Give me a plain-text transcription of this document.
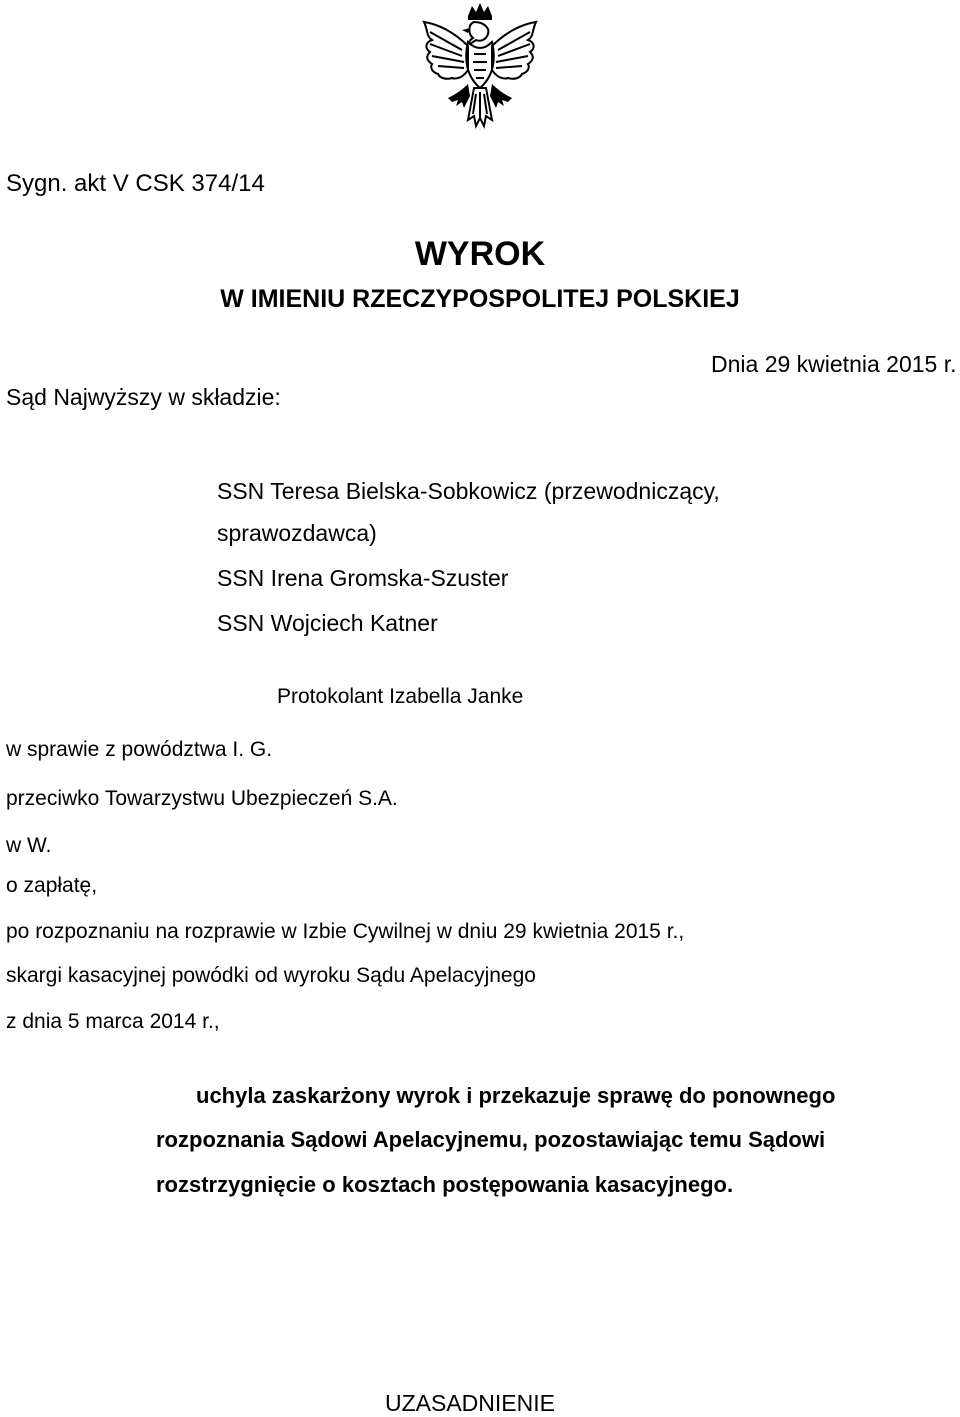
Sygn. akt V CSK 374/14
WYROK
W IMIENIU RZECZYPOSPOLITEJ POLSKIEJ
Dnia 29 kwietnia 2015 r.
Sąd Najwyższy w składzie:
SSN Teresa Bielska-Sobkowicz (przewodniczący,
sprawozdawca)
SSN Irena Gromska-Szuster
SSN Wojciech Katner
Protokolant Izabella Janke
w sprawie z powództwa I. G.
przeciwko Towarzystwu Ubezpieczeń S.A.
w W.
o zapłatę,
po rozpoznaniu na rozprawie w Izbie Cywilnej w dniu 29 kwietnia 2015 r.,
skargi kasacyjnej powódki od wyroku Sądu Apelacyjnego
z dnia 5 marca 2014 r.,
uchyla zaskarżony wyrok i przekazuje sprawę do ponownego
rozpoznania Sądowi Apelacyjnemu, pozostawiając temu Sądowi
rozstrzygnięcie o kosztach postępowania kasacyjnego.
UZASADNIENIE
